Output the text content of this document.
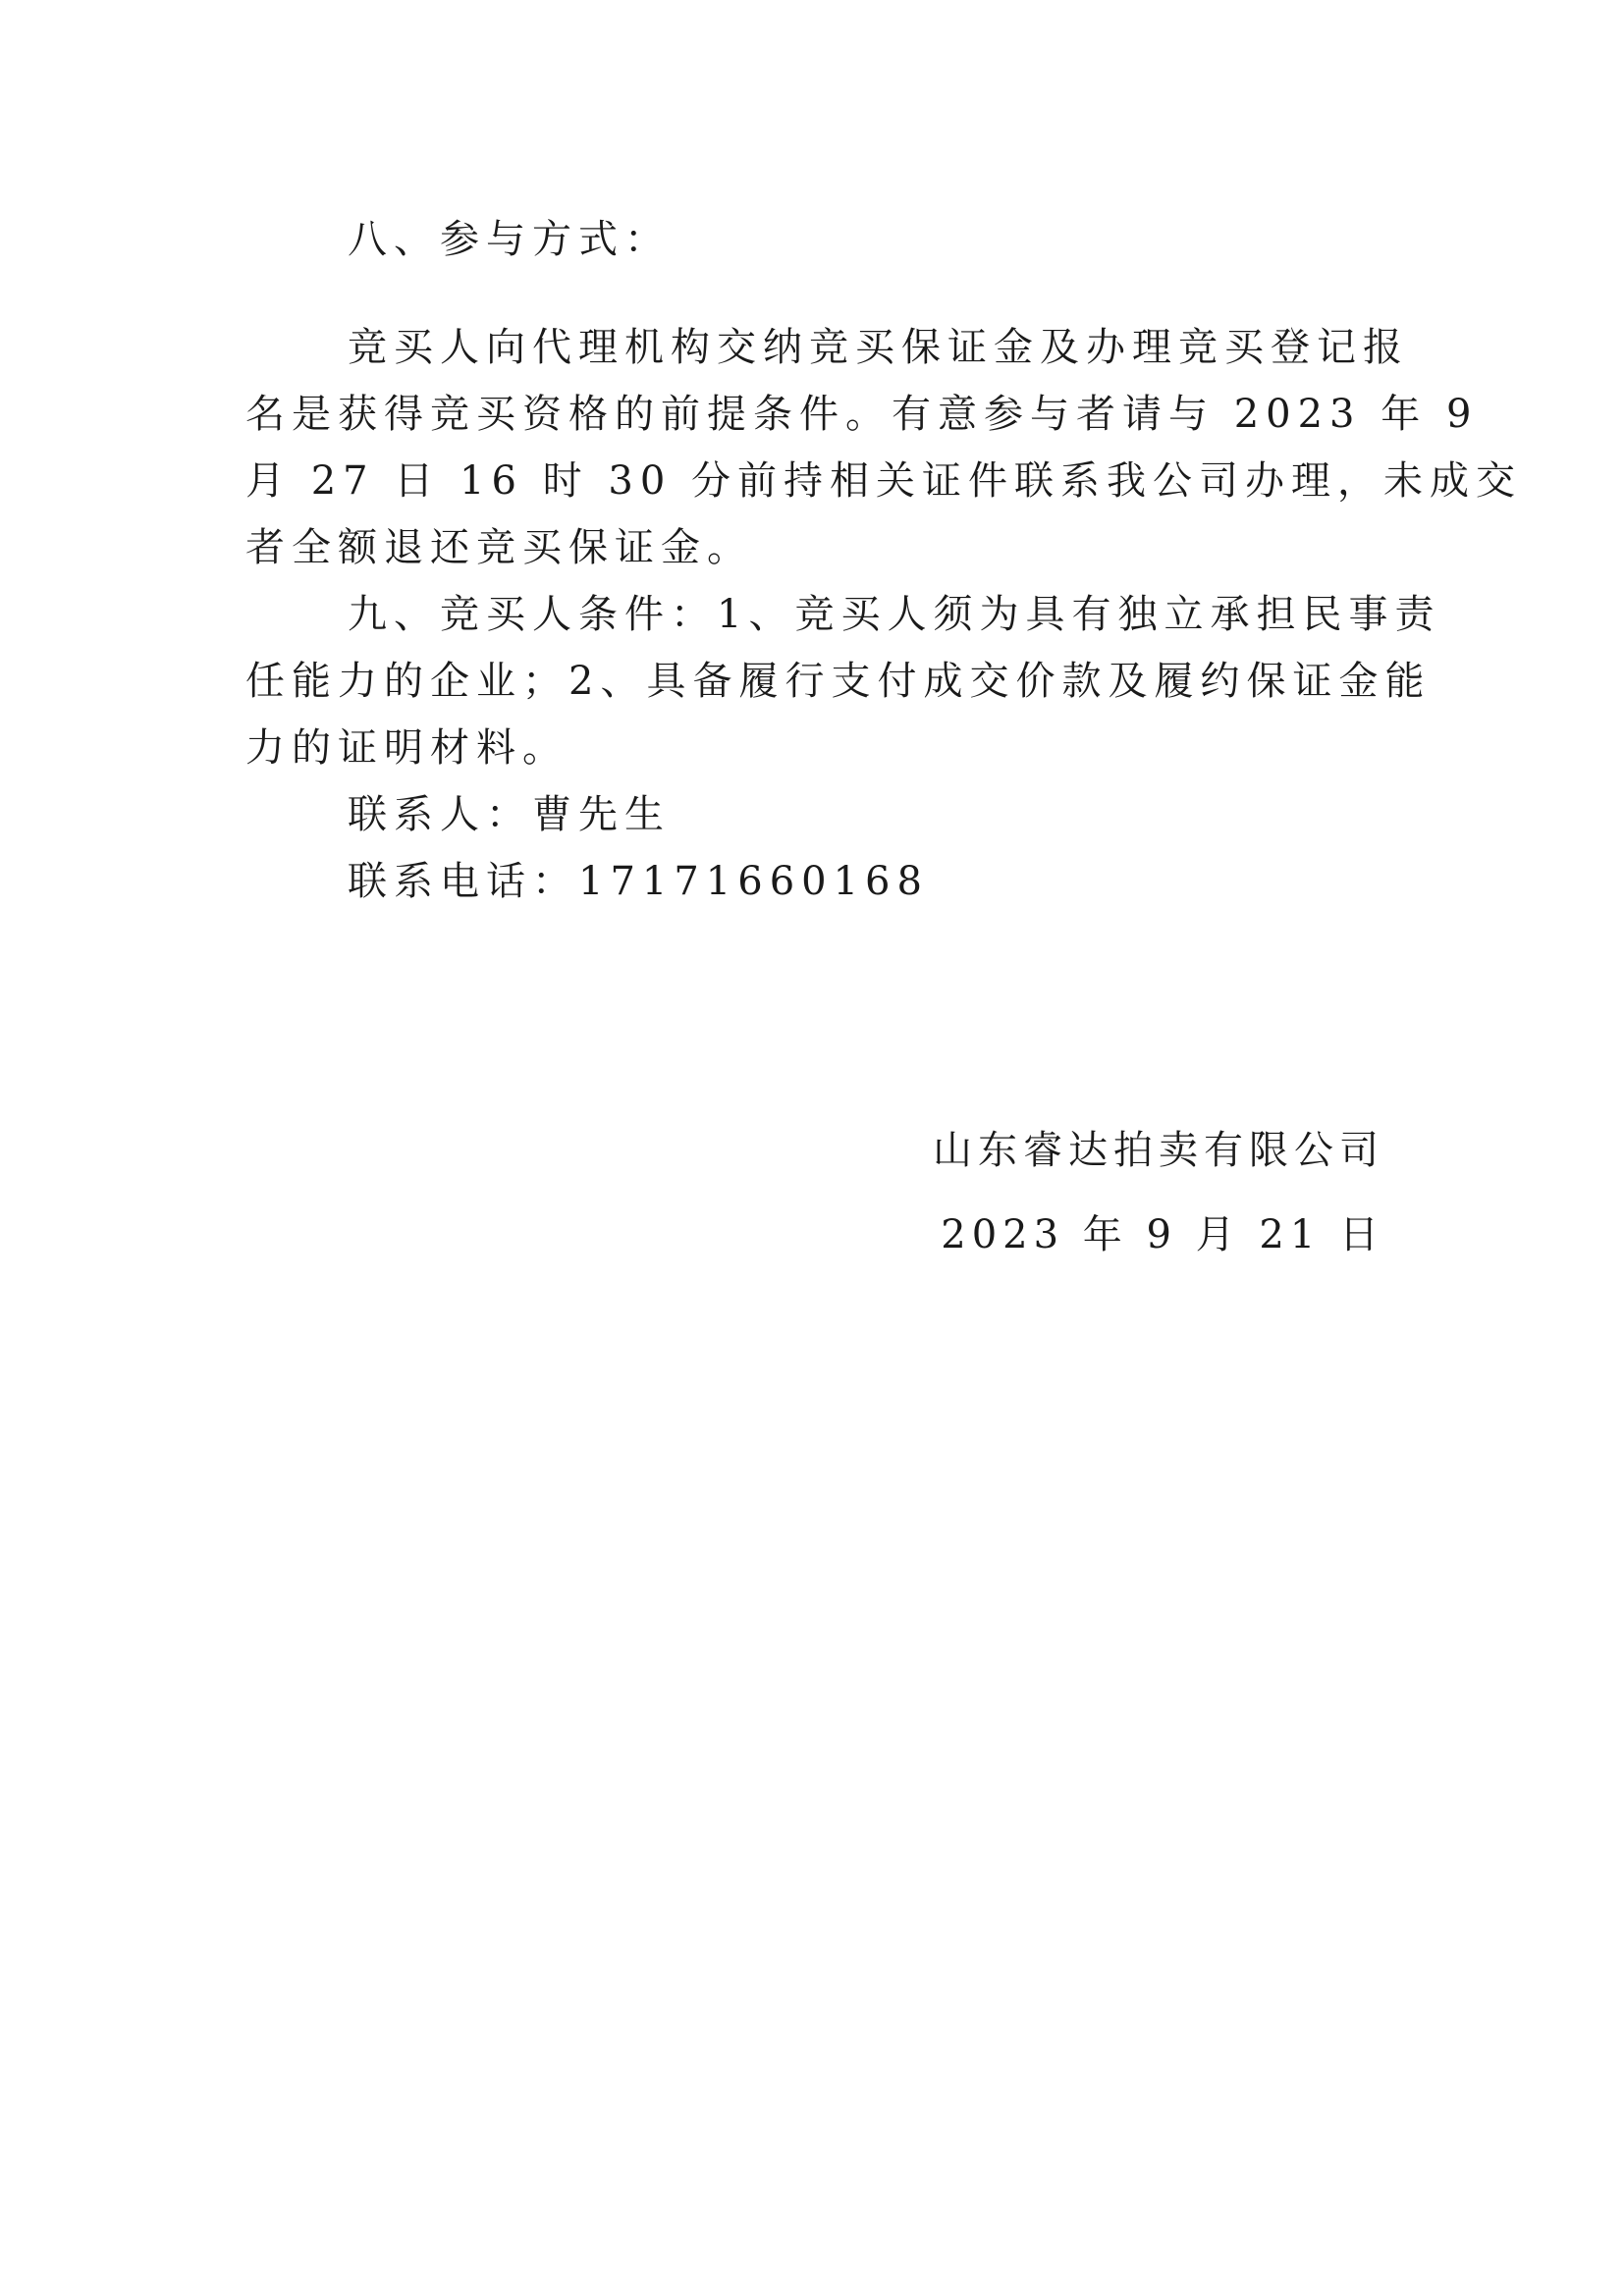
八、参与方式：

竞买人向代理机构交纳竞买保证金及办理竞买登记报

名是获得竞买资格的前提条件。有意参与者请与 2023 年 9

月 27 日 16 时 30 分前持相关证件联系我公司办理，未成交

者全额退还竞买保证金。

九、竞买人条件：1、竞买人须为具有独立承担民事责

任能力的企业；2、具备履行支付成交价款及履约保证金能

力的证明材料。

联系人：曹先生

联系电话：17171660168

山东睿达拍卖有限公司
2023 年 9 月 21 日
